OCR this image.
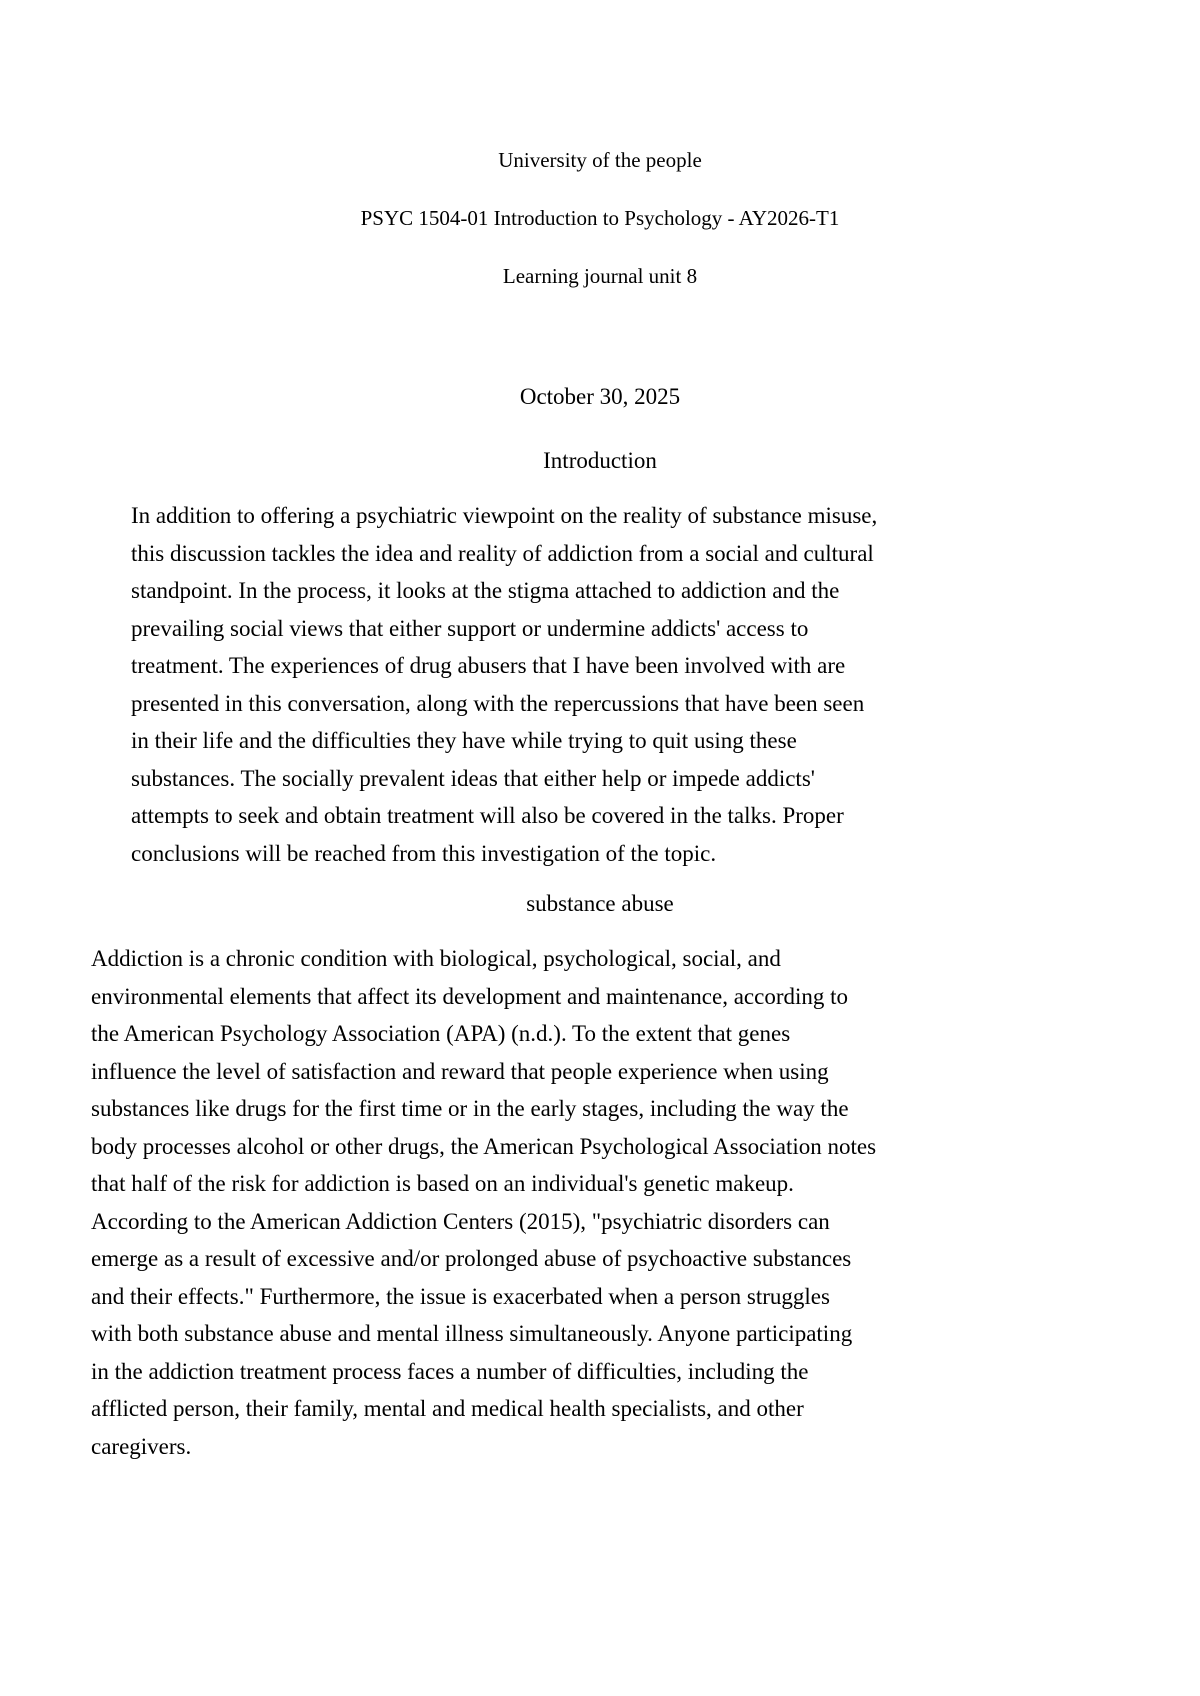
University of the people
PSYC 1504-01 Introduction to Psychology - AY2026-T1
Learning journal unit 8
October 30, 2025
Introduction

In addition to offering a psychiatric viewpoint on the reality of substance misuse,
this discussion tackles the idea and reality of addiction from a social and cultural
standpoint. In the process, it looks at the stigma attached to addiction and the
prevailing social views that either support or undermine addicts' access to
treatment. The experiences of drug abusers that I have been involved with are
presented in this conversation, along with the repercussions that have been seen
in their life and the difficulties they have while trying to quit using these
substances. The socially prevalent ideas that either help or impede addicts'
attempts to seek and obtain treatment will also be covered in the talks. Proper
conclusions will be reached from this investigation of the topic.

substance abuse

Addiction is a chronic condition with biological, psychological, social, and
environmental elements that affect its development and maintenance, according to
the American Psychology Association (APA) (n.d.). To the extent that genes
influence the level of satisfaction and reward that people experience when using
substances like drugs for the first time or in the early stages, including the way the
body processes alcohol or other drugs, the American Psychological Association notes
that half of the risk for addiction is based on an individual's genetic makeup.
According to the American Addiction Centers (2015), "psychiatric disorders can
emerge as a result of excessive and/or prolonged abuse of psychoactive substances
and their effects." Furthermore, the issue is exacerbated when a person struggles
with both substance abuse and mental illness simultaneously. Anyone participating
in the addiction treatment process faces a number of difficulties, including the
afflicted person, their family, mental and medical health specialists, and other
caregivers.
